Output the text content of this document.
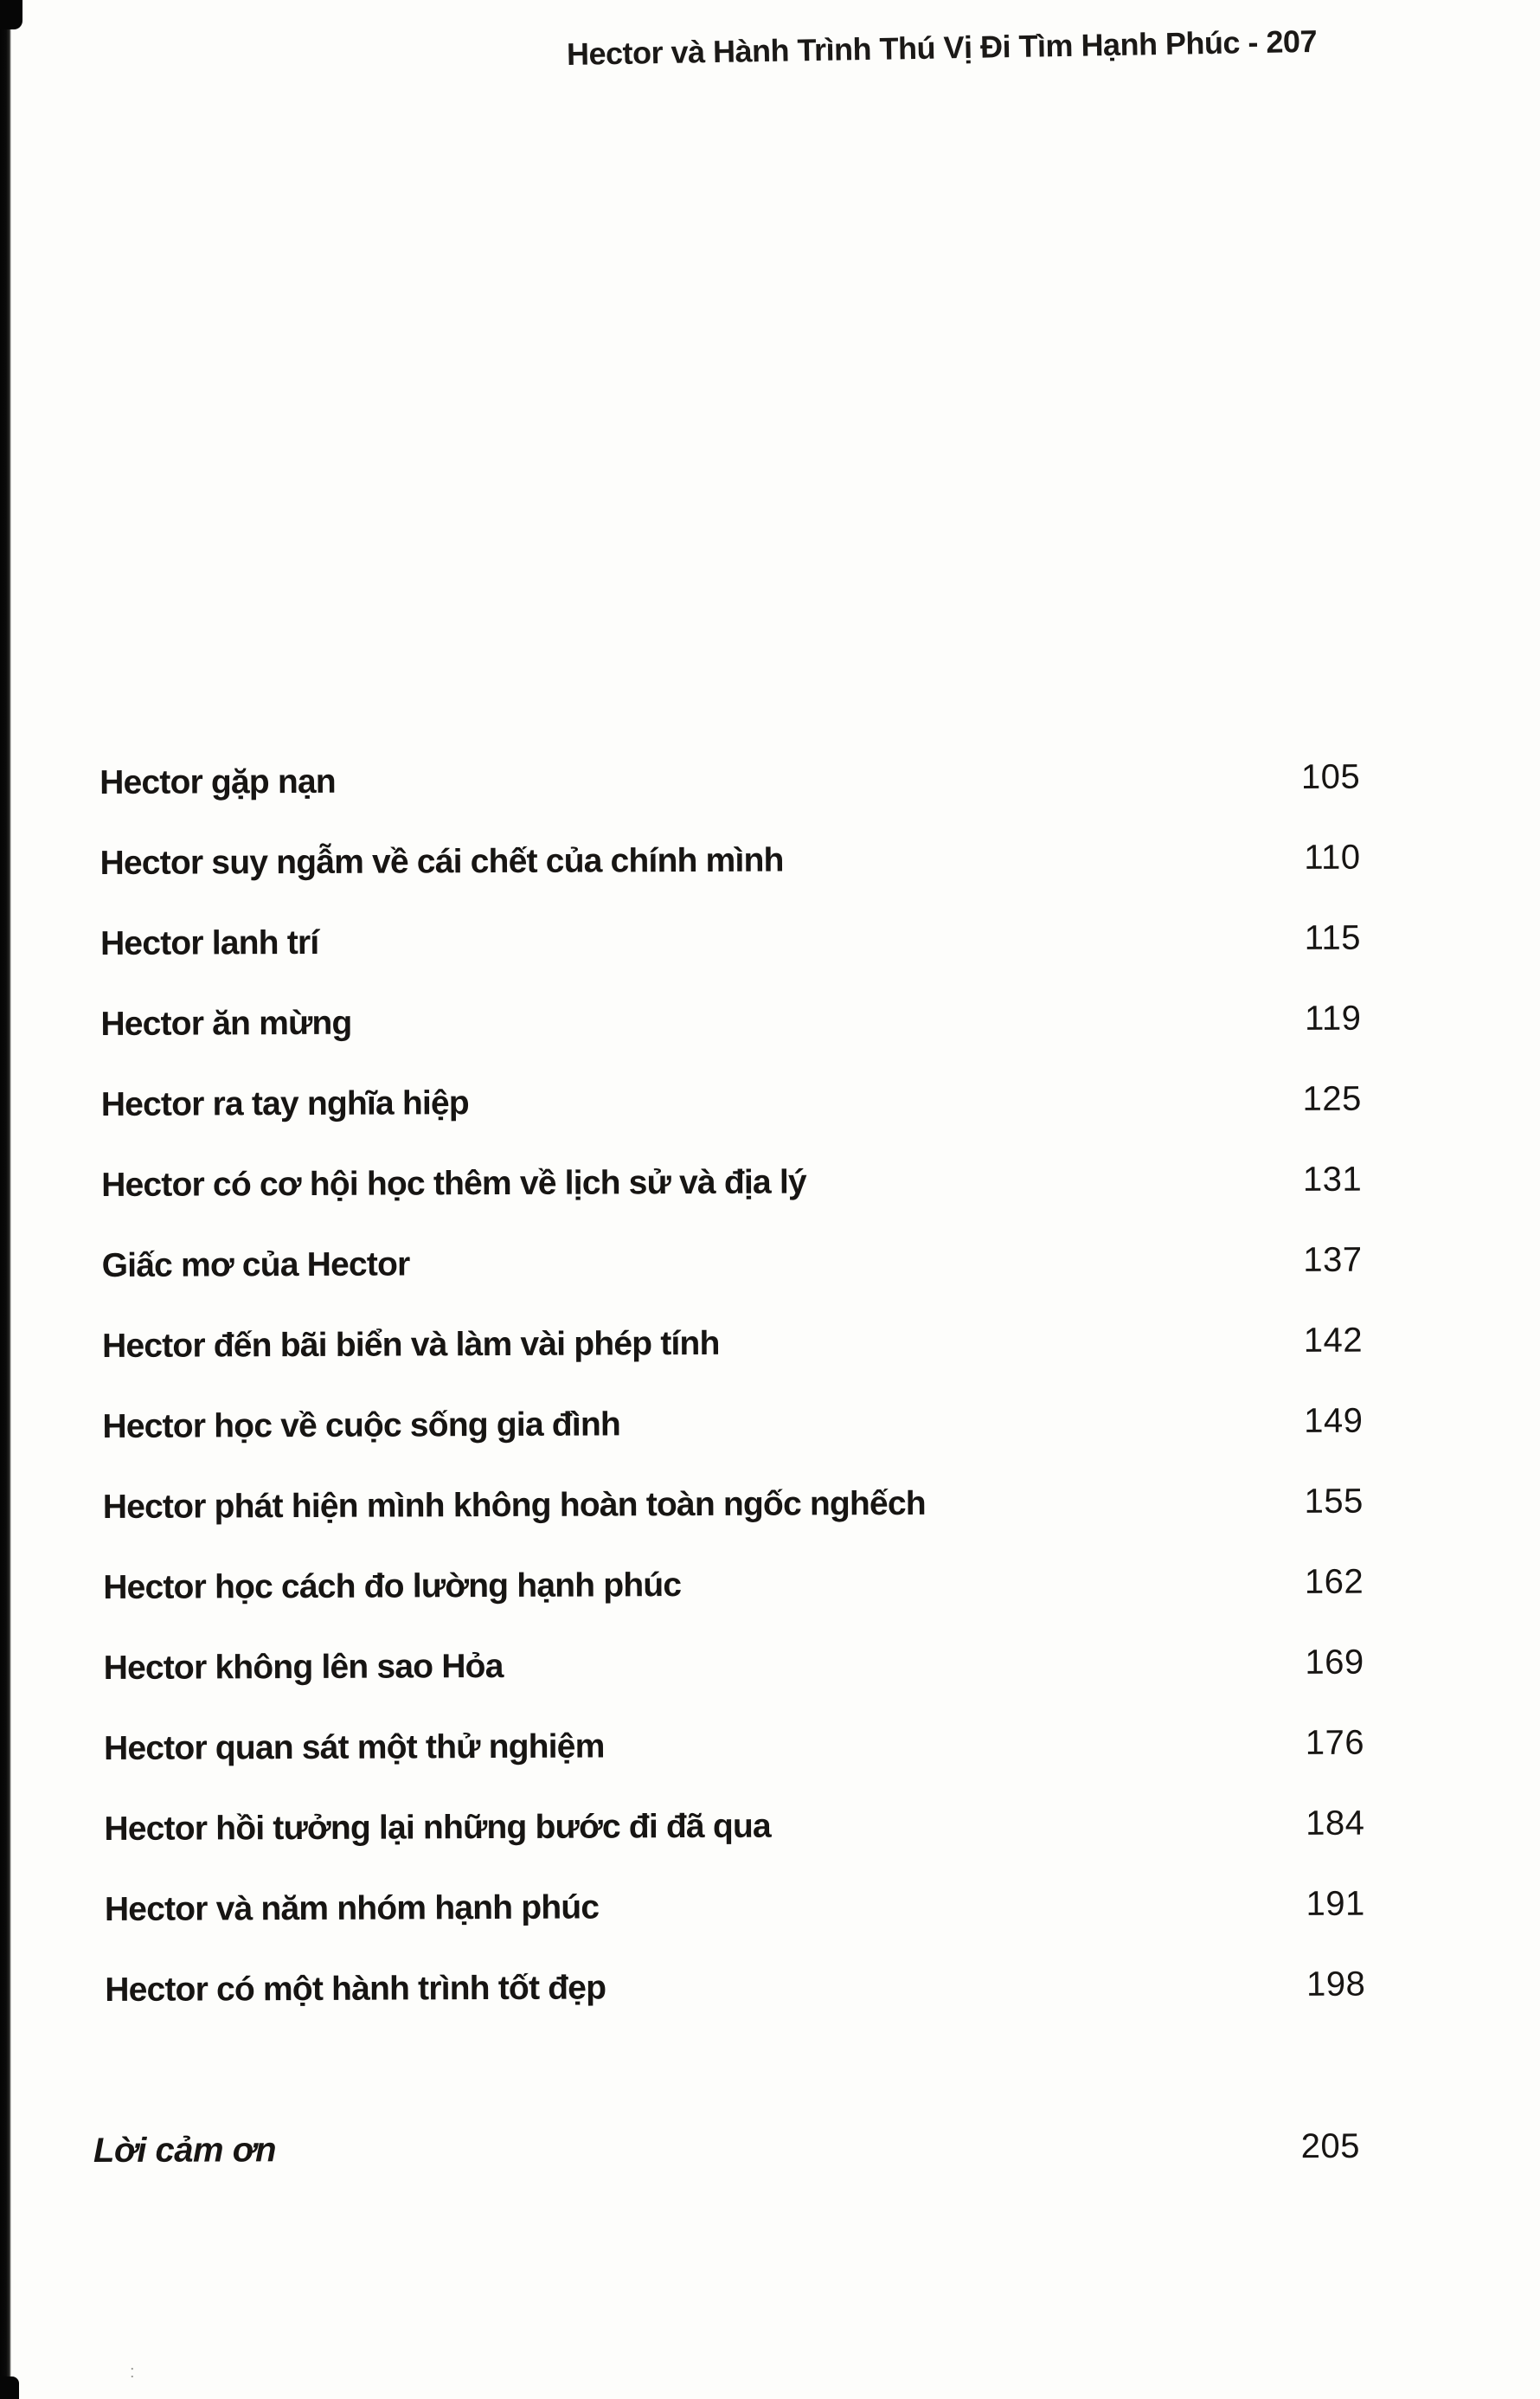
:
Hector và Hành Trình Thú Vị Đi Tìm Hạnh Phúc - 207
Hector gặp nạn	105
Hector suy ngẫm về cái chết của chính mình	110
Hector lanh trí	115
Hector ăn mừng	119
Hector ra tay nghĩa hiệp	125
Hector có cơ hội học thêm về lịch sử và địa lý	131
Giấc mơ của Hector	137
Hector đến bãi biển và làm vài phép tính	142
Hector học về cuộc sống gia đình	149
Hector phát hiện mình không hoàn toàn ngốc nghếch	155
Hector học cách đo lường hạnh phúc	162
Hector không lên sao Hỏa	169
Hector quan sát một thử nghiệm	176
Hector hồi tưởng lại những bước đi đã qua	184
Hector và năm nhóm hạnh phúc	191
Hector có một hành trình tốt đẹp	198
Lời cảm ơn	205
